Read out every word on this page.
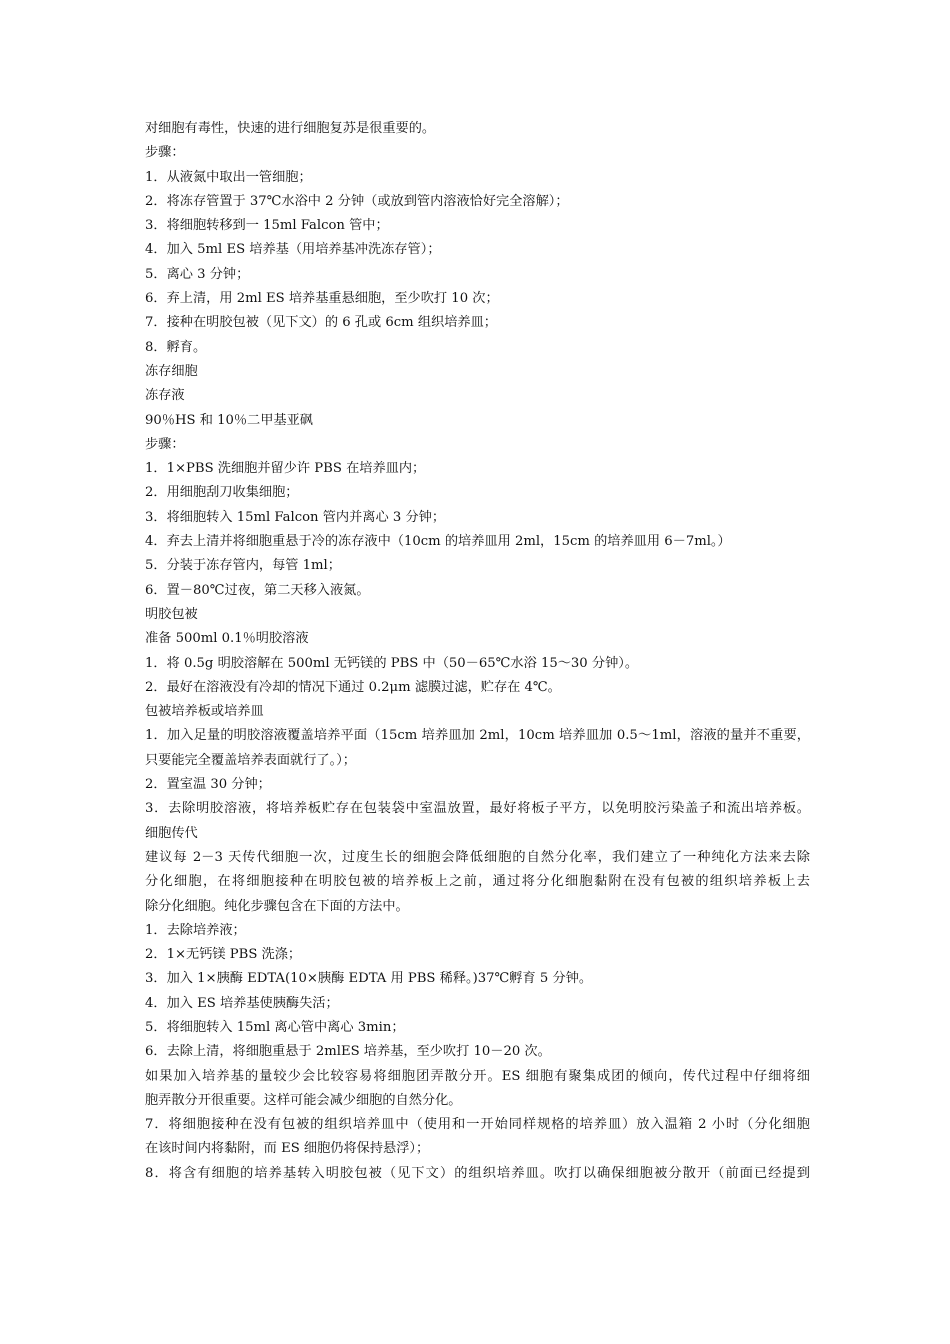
对细胞有毒性，快速的进行细胞复苏是很重要的。
步骤：
1．从液氮中取出一管细胞；
2．将冻存管置于 37℃水浴中 2 分钟（或放到管内溶液恰好完全溶解）；
3．将细胞转移到一 15ml Falcon 管中；
4．加入 5ml ES 培养基（用培养基冲洗冻存管）；
5．离心 3 分钟；
6．弃上清，用 2ml ES 培养基重悬细胞，至少吹打 10 次；
7．接种在明胶包被（见下文）的 6 孔或 6cm 组织培养皿；
8．孵育。
冻存细胞
冻存液
90％HS 和 10％二甲基亚砜
步骤：
1．1×PBS 洗细胞并留少许 PBS 在培养皿内；
2．用细胞刮刀收集细胞；
3．将细胞转入 15ml Falcon 管内并离心 3 分钟；
4．弃去上清并将细胞重悬于冷的冻存液中（10cm 的培养皿用 2ml，15cm 的培养皿用 6－7ml。）
5．分装于冻存管内，每管 1ml；
6．置－80℃过夜，第二天移入液氮。
明胶包被
准备 500ml 0.1％明胶溶液
1．将 0.5g 明胶溶解在 500ml 无钙镁的 PBS 中（50－65℃水浴 15～30 分钟）。
2．最好在溶液没有冷却的情况下通过 0.2μm 滤膜过滤，贮存在 4℃。
包被培养板或培养皿
1．加入足量的明胶溶液覆盖培养平面（15cm 培养皿加 2ml，10cm 培养皿加 0.5～1ml，溶液的量并不重要，
只要能完全覆盖培养表面就行了。）；
2．置室温 30 分钟；
3．去除明胶溶液，将培养板贮存在包装袋中室温放置，最好将板子平方，以免明胶污染盖子和流出培养板。
细胞传代
建议每 2－3 天传代细胞一次，过度生长的细胞会降低细胞的自然分化率，我们建立了一种纯化方法来去除
分化细胞，在将细胞接种在明胶包被的培养板上之前，通过将分化细胞黏附在没有包被的组织培养板上去
除分化细胞。纯化步骤包含在下面的方法中。
1．去除培养液；
2．1×无钙镁 PBS 洗涤；
3．加入 1×胰酶 EDTA(10×胰酶 EDTA 用 PBS 稀释。)37℃孵育 5 分钟。
4．加入 ES 培养基使胰酶失活；
5．将细胞转入 15ml 离心管中离心 3min；
6．去除上清，将细胞重悬于 2mlES 培养基，至少吹打 10－20 次。
如果加入培养基的量较少会比较容易将细胞团弄散分开。ES 细胞有聚集成团的倾向，传代过程中仔细将细
胞弄散分开很重要。这样可能会减少细胞的自然分化。
7．将细胞接种在没有包被的组织培养皿中（使用和一开始同样规格的培养皿）放入温箱 2 小时（分化细胞
在该时间内将黏附，而 ES 细胞仍将保持悬浮）；
8．将含有细胞的培养基转入明胶包被（见下文）的组织培养皿。吹打以确保细胞被分散开（前面已经提到
